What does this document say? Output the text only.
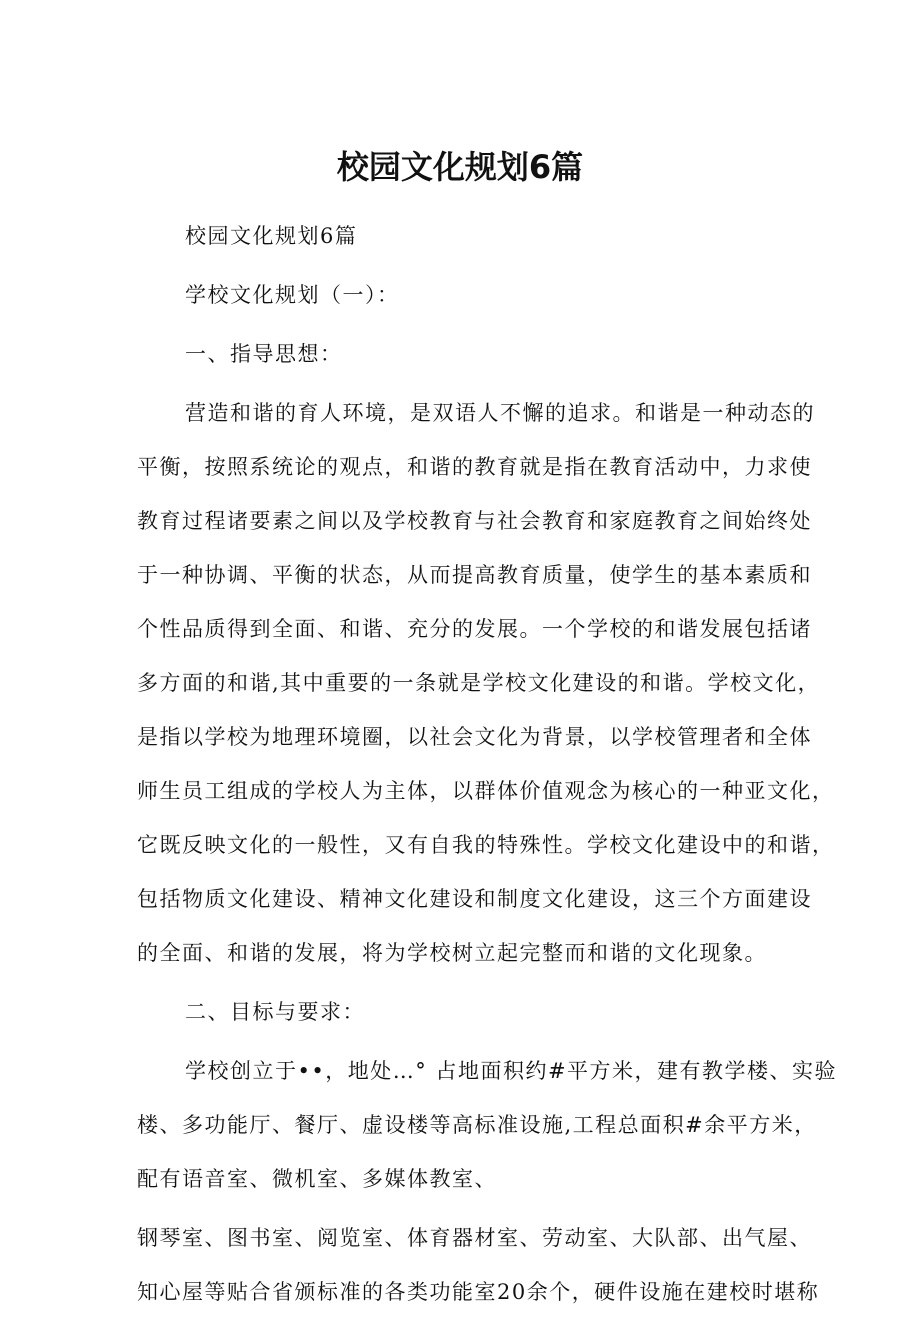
校园文化规划6篇
校园文化规划6篇
学校文化规划（一）：
一、指导思想：
营造和谐的育人环境，是双语人不懈的追求。和谐是一种动态的
平衡，按照系统论的观点，和谐的教育就是指在教育活动中，力求使
教育过程诸要素之间以及学校教育与社会教育和家庭教育之间始终处
于一种协调、平衡的状态，从而提高教育质量，使学生的基本素质和
个性品质得到全面、和谐、充分的发展。一个学校的和谐发展包括诸
多方面的和谐,其中重要的一条就是学校文化建设的和谐。学校文化，
是指以学校为地理环境圈，以社会文化为背景，以学校管理者和全体
师生员工组成的学校人为主体，以群体价值观念为核心的一种亚文化，
它既反映文化的一般性，又有自我的特殊性。学校文化建设中的和谐，
包括物质文化建设、精神文化建设和制度文化建设，这三个方面建设
的全面、和谐的发展，将为学校树立起完整而和谐的文化现象。
二、目标与要求：
学校创立于••，地处…° 占地面积约#平方米，建有教学楼、实验
楼、多功能厅、餐厅、虚设楼等高标准设施,工程总面积#余平方米，
配有语音室、微机室、多媒体教室、
钢琴室、图书室、阅览室、体育器材室、劳动室、大队部、出气屋、
知心屋等贴合省颁标准的各类功能室20余个，硬件设施在建校时堪称
